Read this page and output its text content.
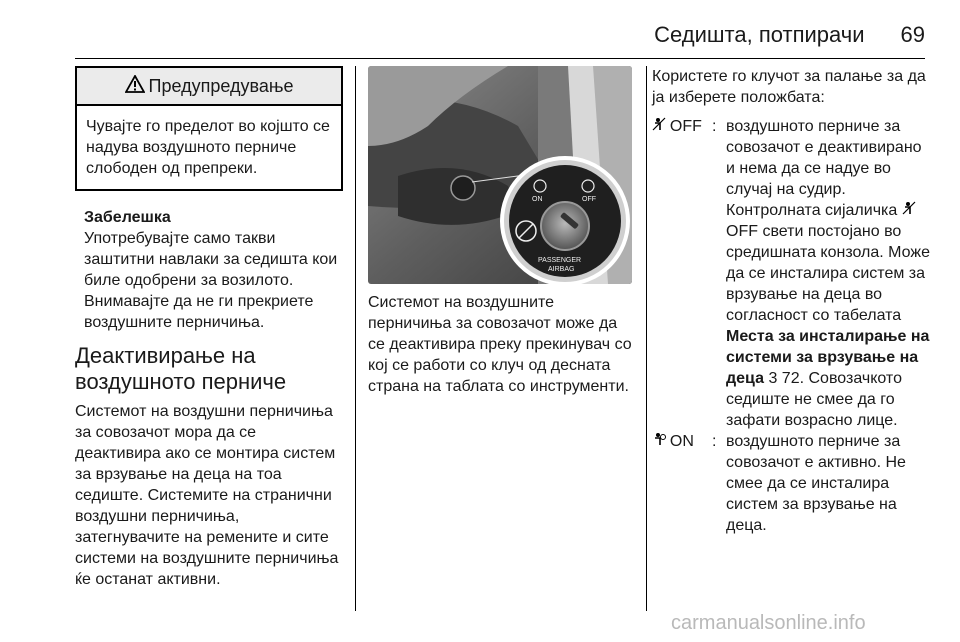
Седишта, потпирачи 69
Предупредување
Чувајте го пределот во којшто се надува воздушното перниче слободен од препреки.
Забелешка
Употребувајте само такви заштитни навлаки за седишта кои биле одобрени за возилото. Внимавајте да не ги прекриете воздушните перничиња.
Деактивирање на воздушното перниче
Системот на воздушни перничиња за совозачот мора да се деактивира ако се монтира систем за врзување на деца на тоа седиште. Системите на странични воздушни перничиња, затегнувачите на ремените и сите системи на воздушните перничиња ќе останат активни.
ON	OFF
PASSENGER
AIRBAG
Системот на воздушните перничиња за совозачот може да се деактивира преку прекинувач со кој се работи со клуч од десната страна на таблата со инструменти.
Користете го клучот за палање за да ја изберете положбата:
OFF : воздушното перниче за совозачот е деактивирано и нема да се надуе во случај на судир. Контролната сијаличка  OFF свети постојано во средишната конзола. Може да се инсталира систем за врзување на деца во согласност со табелата Места за инсталирање на системи за врзување на деца 3 72. Совозачкото седиште не смее да го зафати возрасно лице.
ON	: воздушното перниче за совозачот е активно. Не смее да се инсталира систем за врзување на деца.
carmanualsonline.info
